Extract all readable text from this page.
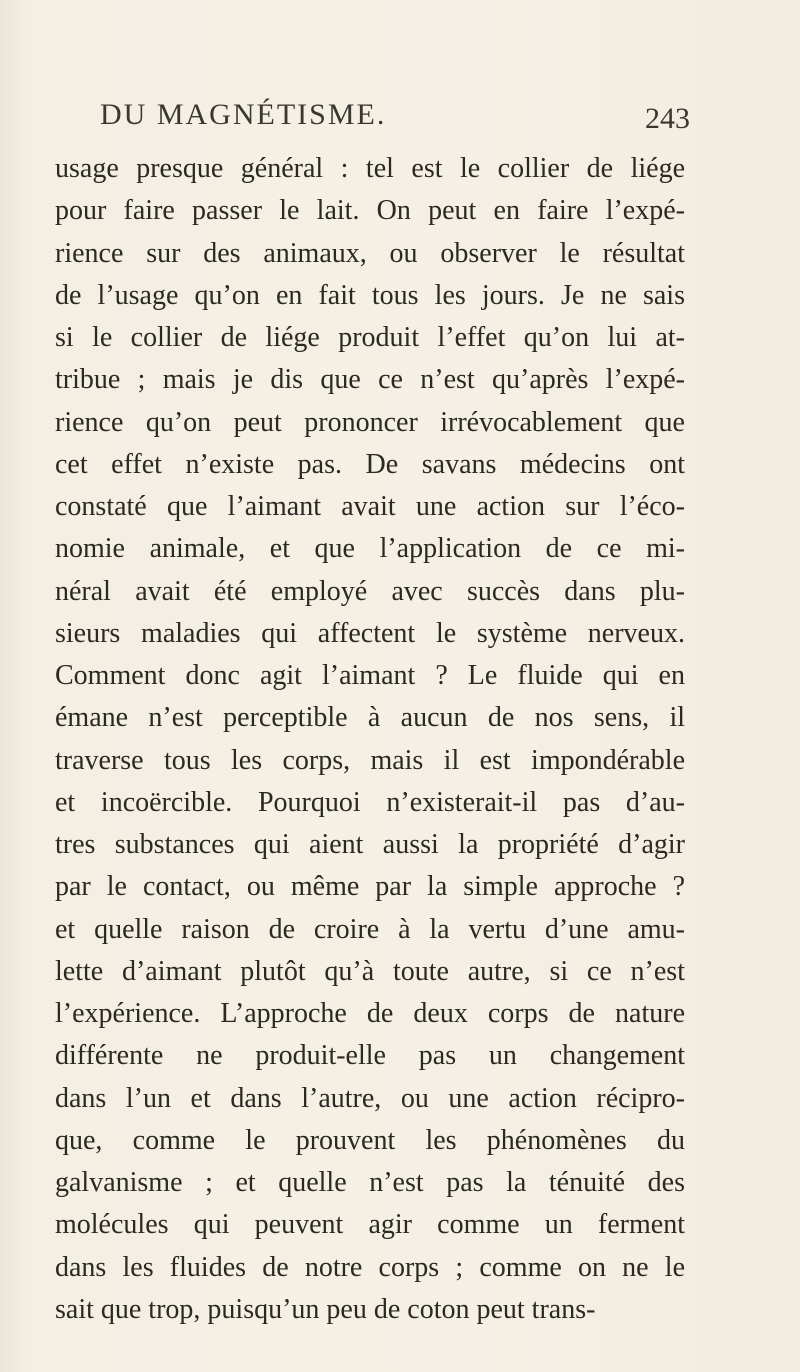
DU MAGNÉTISME.	243
usage presque général : tel est le collier de liége
pour faire passer le lait. On peut en faire l’expé-
rience sur des animaux, ou observer le résultat
de l’usage qu’on en fait tous les jours. Je ne sais
si le collier de liége produit l’effet qu’on lui at-
tribue ; mais je dis que ce n’est qu’après l’expé-
rience qu’on peut prononcer irrévocablement que
cet effet n’existe pas. De savans médecins ont
constaté que l’aimant avait une action sur l’éco-
nomie animale, et que l’application de ce mi-
néral avait été employé avec succès dans plu-
sieurs maladies qui affectent le système nerveux.
Comment donc agit l’aimant ? Le fluide qui en
émane n’est perceptible à aucun de nos sens, il
traverse tous les corps, mais il est impondérable
et incoërcible. Pourquoi n’existerait-il pas d’au-
tres substances qui aient aussi la propriété d’agir
par le contact, ou même par la simple approche ?
et quelle raison de croire à la vertu d’une amu-
lette d’aimant plutôt qu’à toute autre, si ce n’est
l’expérience. L’approche de deux corps de nature
différente ne produit-elle pas un changement
dans l’un et dans l’autre, ou une action récipro-
que, comme le prouvent les phénomènes du
galvanisme ; et quelle n’est pas la ténuité des
molécules qui peuvent agir comme un ferment
dans les fluides de notre corps ; comme on ne le
sait que trop, puisqu’un peu de coton peut trans-
